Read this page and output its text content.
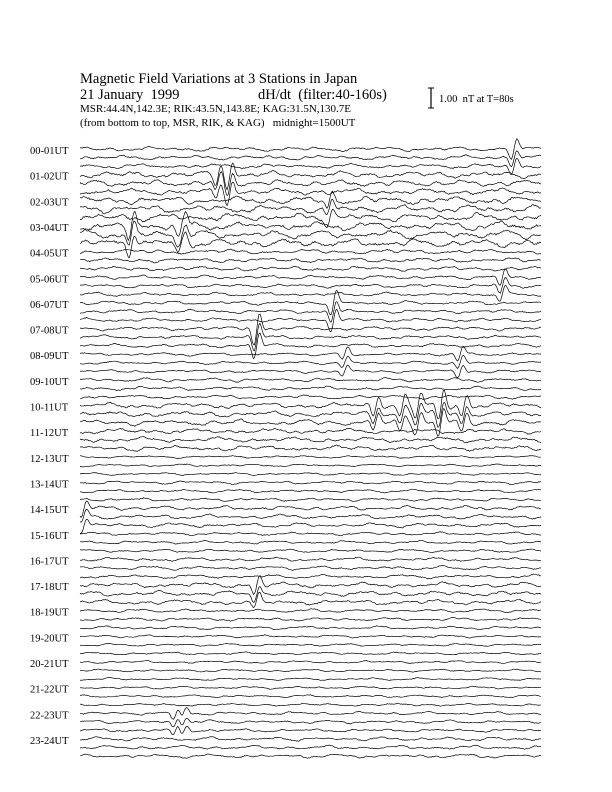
Magnetic Field Variations at 3 Stations in Japan
21 January  1999	dH/dt  (filter:40-160s)
MSR:44.4N,142.3E; RIK:43.5N,143.8E; KAG:31.5N,130.7E
(from bottom to top, MSR, RIK, & KAG)   midnight=1500UT
1.00  nT at T=80s
00-01UT
01-02UT
02-03UT
03-04UT
04-05UT
05-06UT
06-07UT
07-08UT
08-09UT
09-10UT
10-11UT
11-12UT
12-13UT
13-14UT
14-15UT
15-16UT
16-17UT
17-18UT
18-19UT
19-20UT
20-21UT
21-22UT
22-23UT
23-24UT
